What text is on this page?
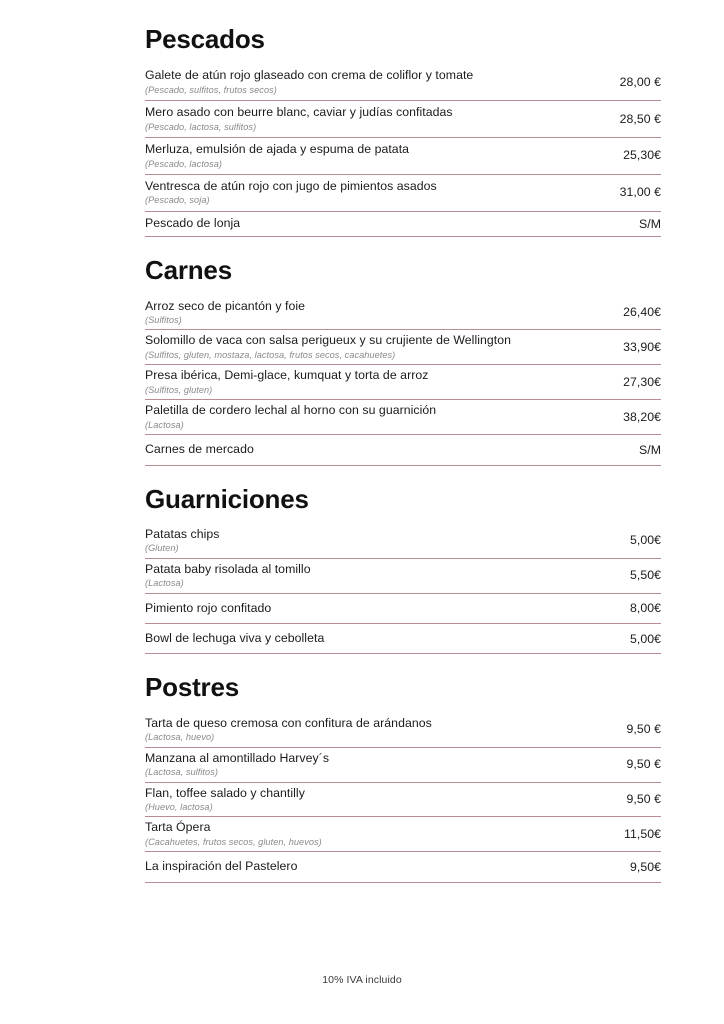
Pescados
Galete de atún rojo glaseado con crema de coliflor y tomate
(Pescado, sulfitos, frutos secos)
28,00 €
Mero asado con beurre blanc, caviar y judías confitadas
(Pescado, lactosa, sulfitos)
28,50 €
Merluza, emulsión de ajada y espuma de patata
(Pescado, lactosa)
25,30€
Ventresca de atún rojo con jugo de pimientos asados
(Pescado, soja)
31,00 €
Pescado de lonja	S/M
Carnes
Arroz seco de picantón y foie
(Sulfitos)
26,40€
Solomillo de vaca con salsa perigueux y su crujiente de Wellington
(Sulfitos, gluten, mostaza, lactosa, frutos secos, cacahuetes)
33,90€
Presa ibérica, Demi-glace, kumquat y torta de arroz
(Sulfitos, gluten)
27,30€
Paletilla de cordero lechal al horno con su guarnición
(Lactosa)
38,20€
Carnes de mercado	S/M
Guarniciones
Patatas chips
(Gluten)
5,00€
Patata baby risolada al tomillo
(Lactosa)
5,50€
Pimiento rojo confitado	8,00€
Bowl de lechuga viva y cebolleta	5,00€
Postres
Tarta de queso cremosa con confitura de arándanos
(Lactosa, huevo)
9,50 €
Manzana al amontillado Harvey´s
(Lactosa, sulfitos)
9,50 €
Flan, toffee salado y chantilly
(Huevo, lactosa)
9,50 €
Tarta Ópera
(Cacahuetes, frutos secos, gluten, huevos)
11,50€
La inspiración del Pastelero	9,50€
10% IVA incluido
